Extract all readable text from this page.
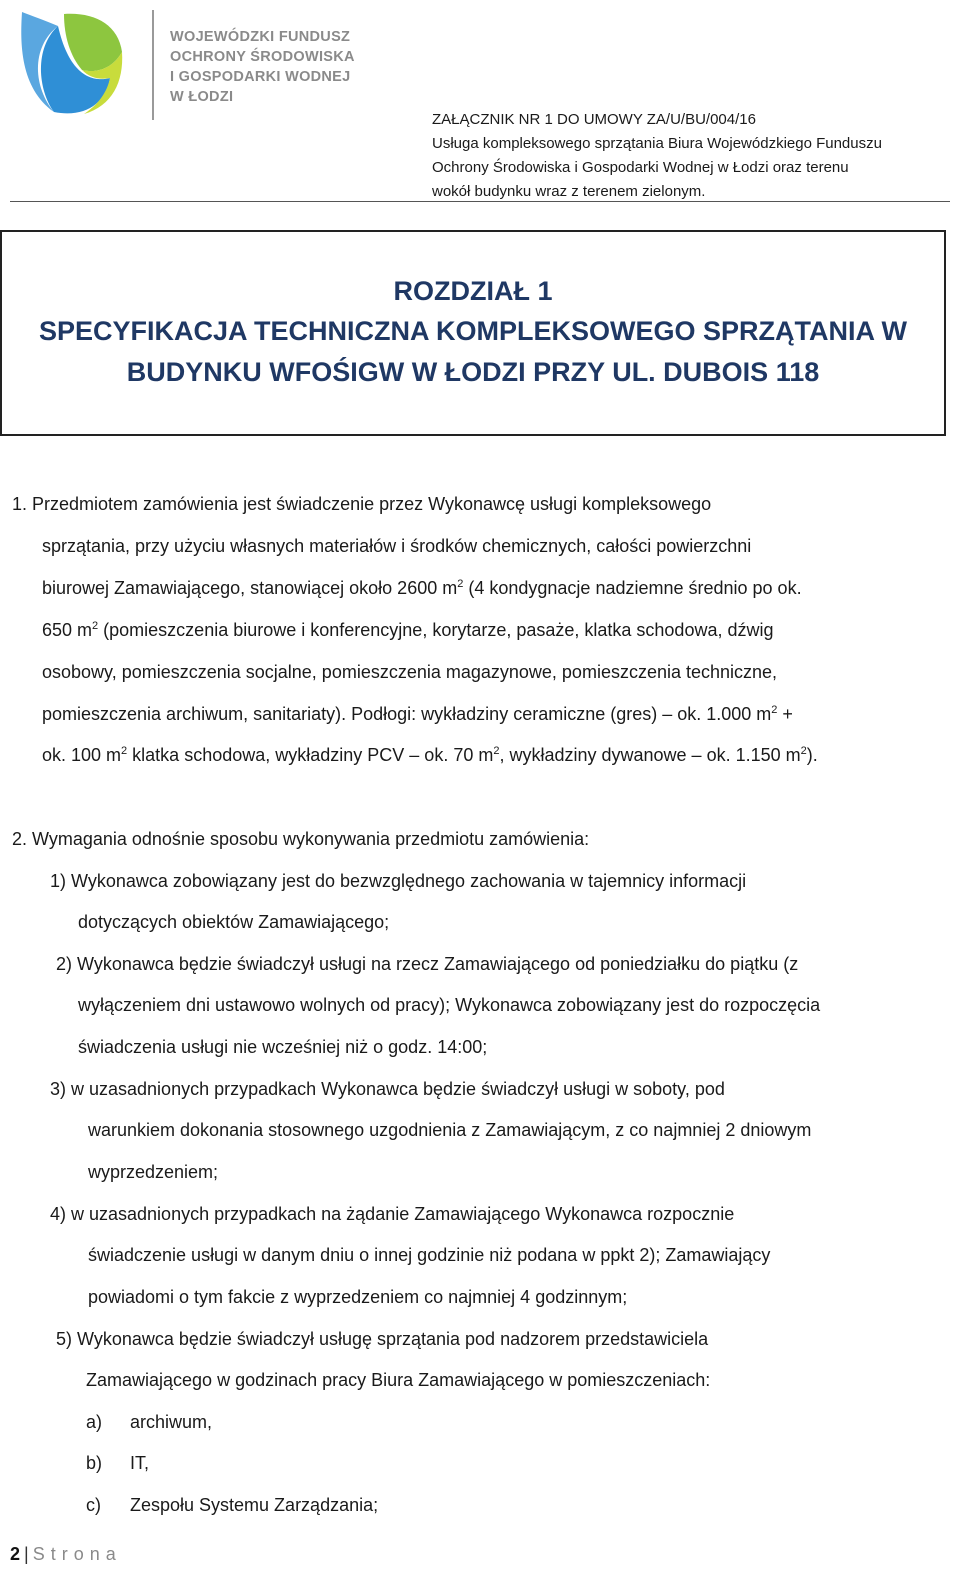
WOJEWÓDZKI FUNDUSZ
OCHRONY ŚRODOWISKA
I GOSPODARKI WODNEJ
W ŁODZI
ZAŁĄCZNIK NR 1 DO UMOWY ZA/U/BU/004/16
Usługa kompleksowego sprzątania Biura Wojewódzkiego Funduszu
Ochrony Środowiska i Gospodarki Wodnej w Łodzi oraz terenu
wokół budynku wraz z terenem zielonym.
ROZDZIAŁ 1
SPECYFIKACJA TECHNICZNA KOMPLEKSOWEGO SPRZĄTANIA W
BUDYNKU WFOŚIGW W ŁODZI PRZY UL. DUBOIS 118
1. Przedmiotem zamówienia jest świadczenie przez Wykonawcę usługi kompleksowego
sprzątania, przy użyciu własnych materiałów i środków chemicznych, całości powierzchni
biurowej Zamawiającego, stanowiącej około 2600 $m^2$ (4 kondygnacje nadziemne średnio po ok.
650 $m^2$ (pomieszczenia biurowe i konferencyjne, korytarze, pasaże, klatka schodowa, dźwig
osobowy, pomieszczenia socjalne, pomieszczenia magazynowe, pomieszczenia techniczne,
pomieszczenia archiwum, sanitariaty). Podłogi: wykładziny ceramiczne (gres) – ok. 1.000 $m^2$ +
ok. 100 $m^2$ klatka schodowa, wykładziny PCV – ok. 70 $m^2$, wykładziny dywanowe – ok. 1.150 $m^2$).
2. Wymagania odnośnie sposobu wykonywania przedmiotu zamówienia:
1) Wykonawca zobowiązany jest do bezwzględnego zachowania w tajemnicy informacji
dotyczących obiektów Zamawiającego;
2) Wykonawca będzie świadczył usługi na rzecz Zamawiającego od poniedziałku do piątku (z
wyłączeniem dni ustawowo wolnych od pracy); Wykonawca zobowiązany jest do rozpoczęcia
świadczenia usługi nie wcześniej niż o godz. 14:00;
3) w uzasadnionych przypadkach Wykonawca będzie świadczył usługi w soboty, pod
warunkiem dokonania stosownego uzgodnienia z Zamawiającym, z co najmniej 2 dniowym
wyprzedzeniem;
4) w uzasadnionych przypadkach na żądanie Zamawiającego Wykonawca rozpocznie
świadczenie usługi w danym dniu o innej godzinie niż podana w ppkt 2); Zamawiający
powiadomi o tym fakcie z wyprzedzeniem co najmniej 4 godzinnym;
5) Wykonawca będzie świadczył usługę sprzątania pod nadzorem przedstawiciela
Zamawiającego w godzinach pracy Biura Zamawiającego w pomieszczeniach:
a) archiwum,
b) IT,
c) Zespołu Systemu Zarządzania;
2 | Strona
